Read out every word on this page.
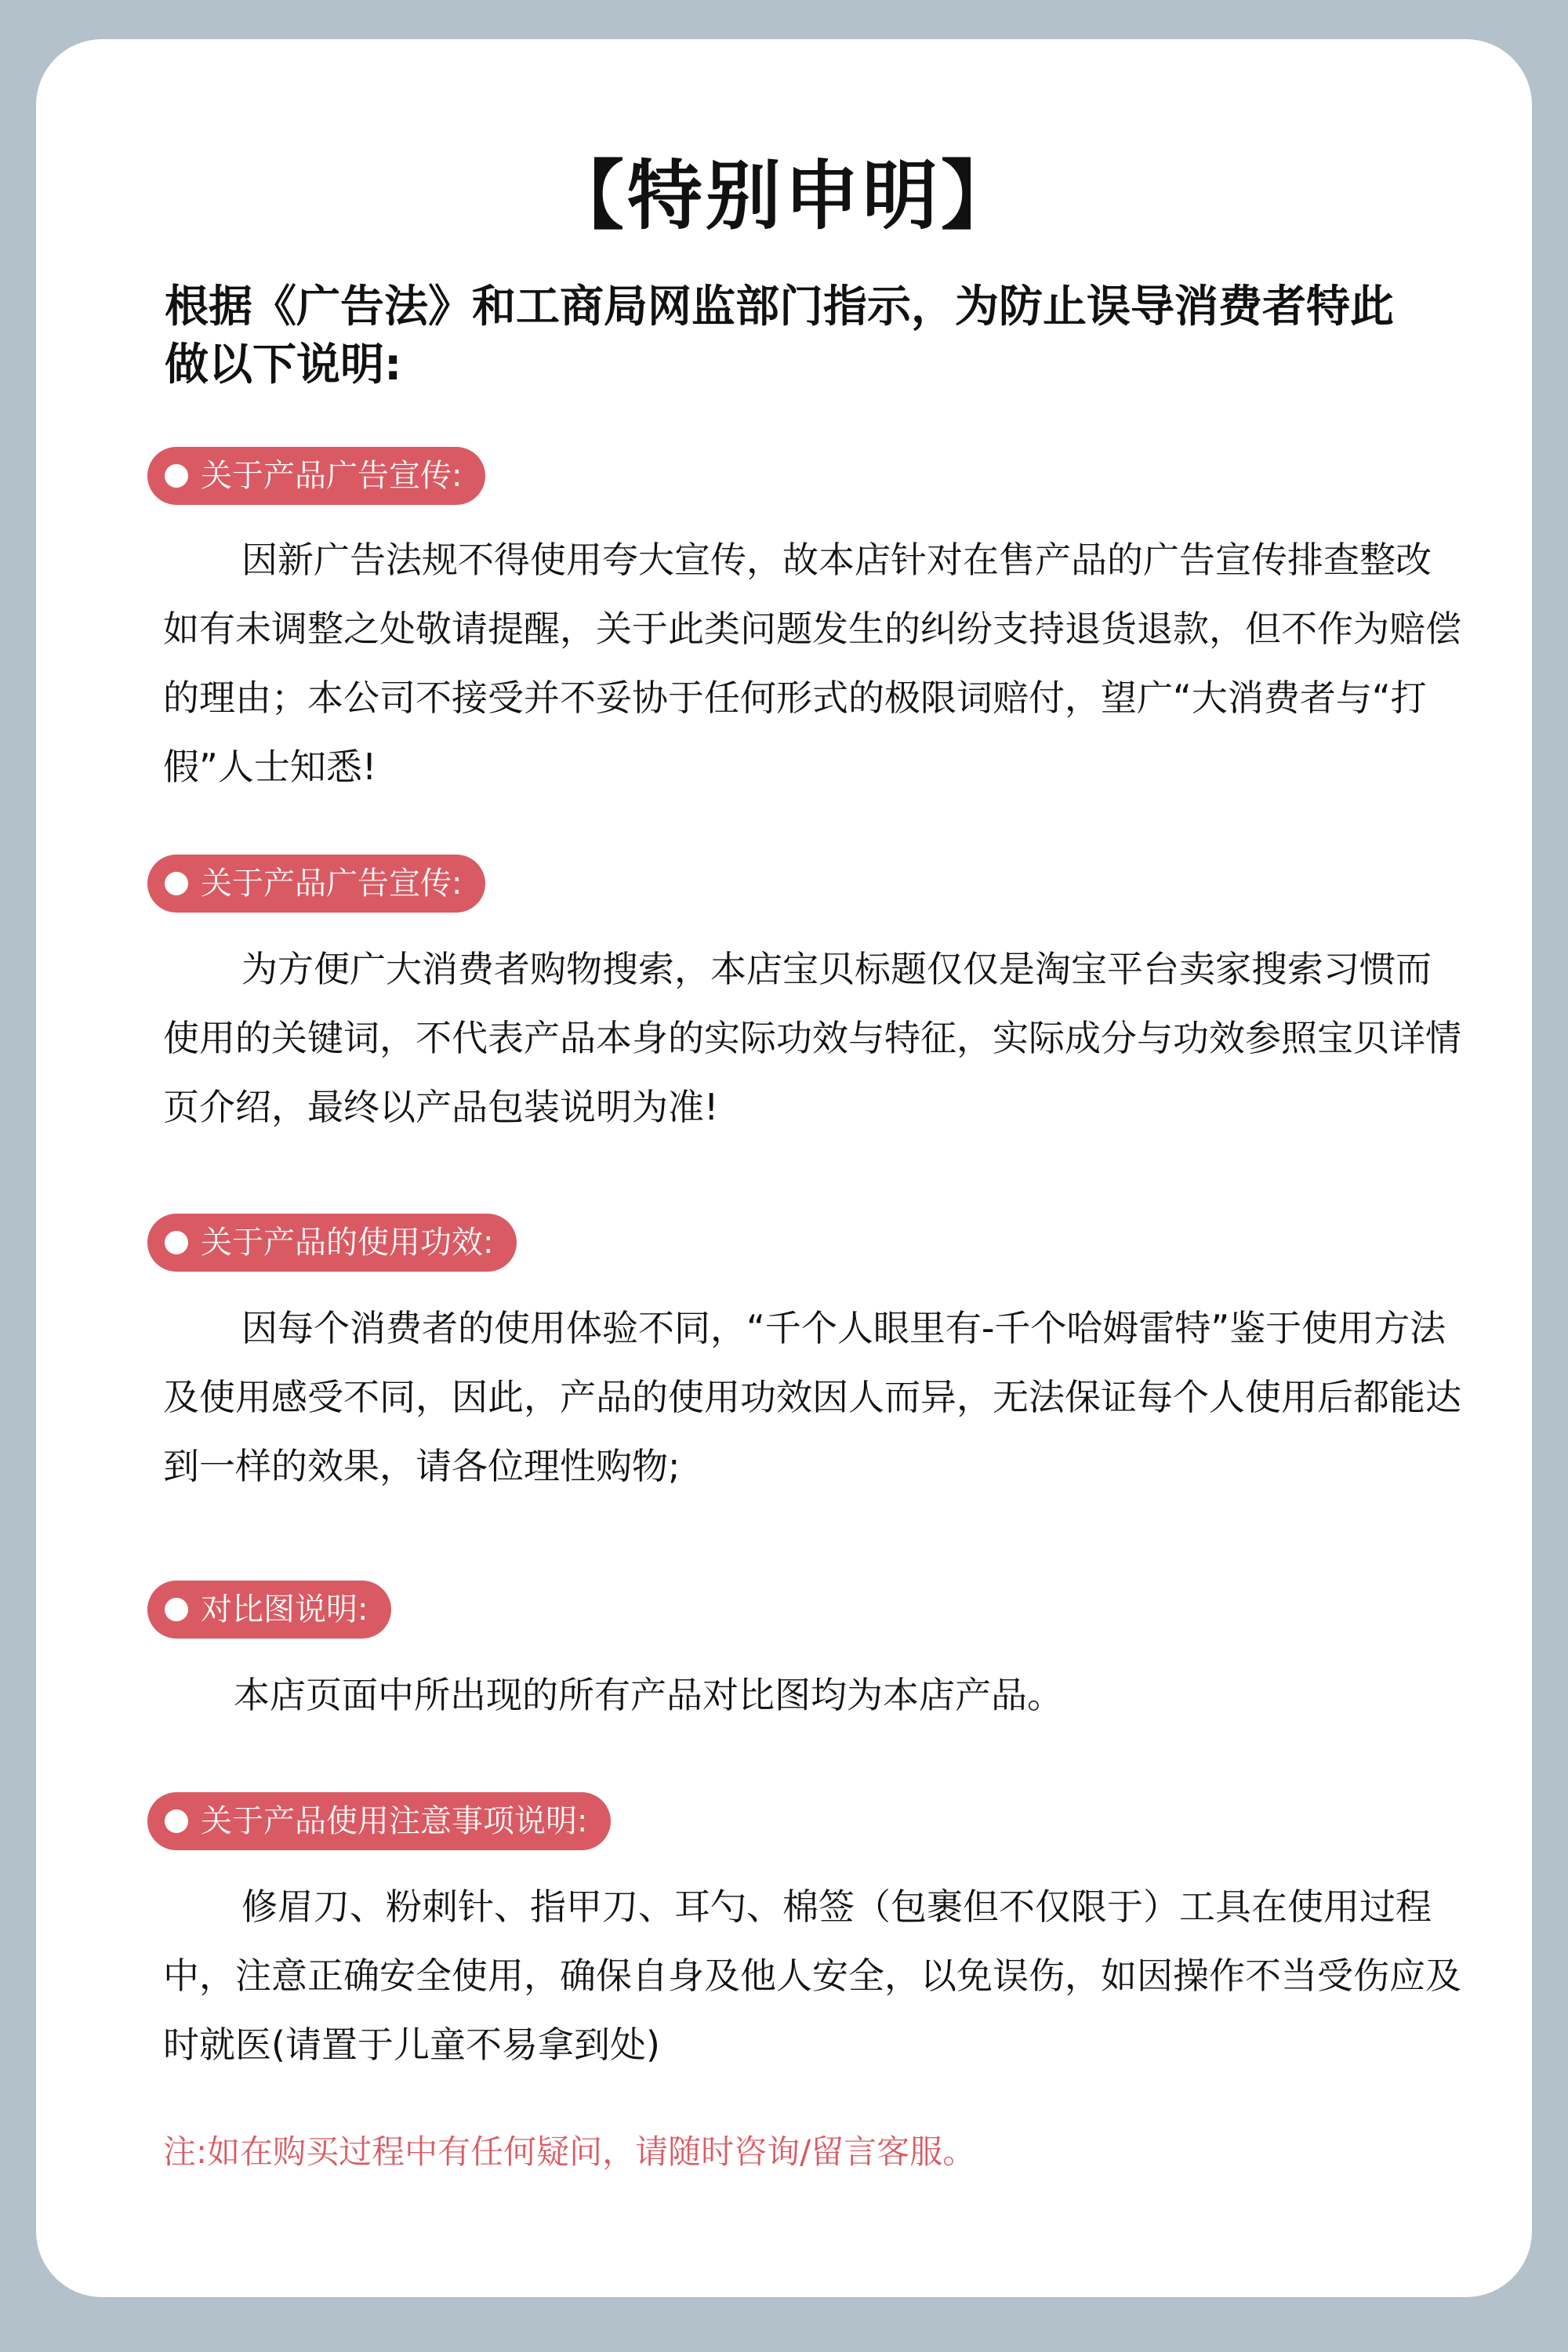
【特别申明】
根据《广告法》和工商局网监部门指示，为防止误导消费者特此做以下说明:
关于产品广告宣传:
因新广告法规不得使用夸大宣传，故本店针对在售产品的广告宣传排查整改如有未调整之处敬请提醒，关于此类问题发生的纠纷支持退货退款，但不作为赔偿的理由；本公司不接受并不妥协于任何形式的极限词赔付，望广“大消费者与“打假”人士知悉!
关于产品广告宣传:
为方便广大消费者购物搜索，本店宝贝标题仅仅是淘宝平台卖家搜索习惯而使用的关键词，不代表产品本身的实际功效与特征，实际成分与功效参照宝贝详情页介绍，最终以产品包装说明为准!
关于产品的使用功效:
因每个消费者的使用体验不同，“千个人眼里有-千个哈姆雷特”鉴于使用方法及使用感受不同，因此，产品的使用功效因人而异，无法保证每个人使用后都能达到一样的效果，请各位理性购物;
对比图说明:
本店页面中所出现的所有产品对比图均为本店产品。
关于产品使用注意事项说明:
修眉刀、粉刺针、指甲刀、耳勺、棉签（包裹但不仅限于）工具在使用过程中，注意正确安全使用，确保自身及他人安全，以免误伤，如因操作不当受伤应及时就医(请置于儿童不易拿到处)
注:如在购买过程中有任何疑问，请随时咨询/留言客服。
